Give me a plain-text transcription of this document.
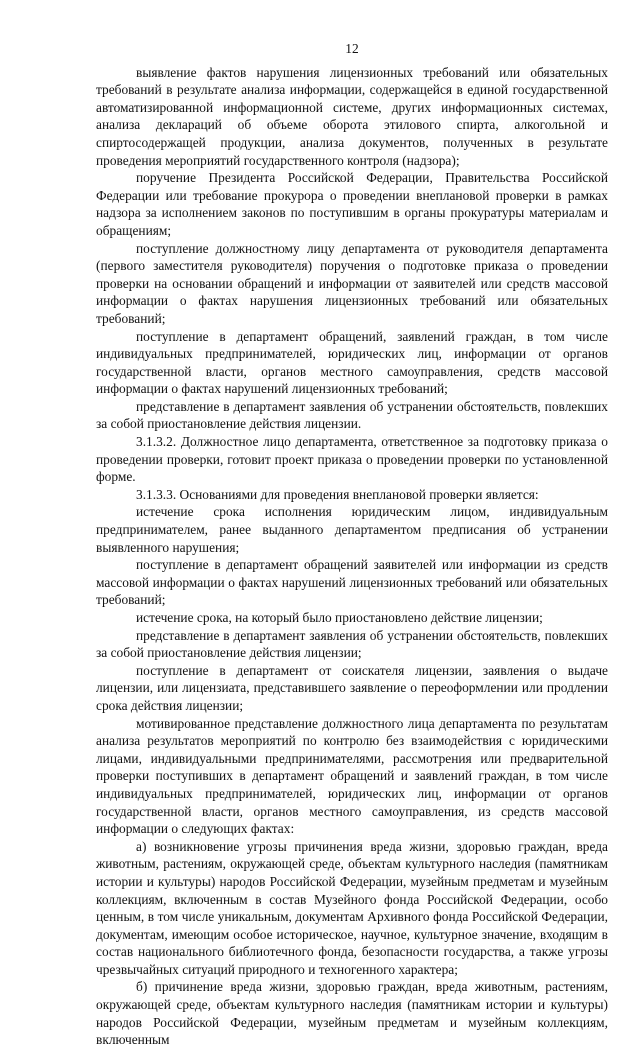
12

выявление фактов нарушения лицензионных требований или обязательных требований в результате анализа информации, содержащейся в единой государственной автоматизированной информационной системе, других информационных системах, анализа деклараций об объеме оборота этилового спирта, алкогольной и спиртосодержащей продукции, анализа документов, полученных в результате проведения мероприятий государственного контроля (надзора);

поручение Президента Российской Федерации, Правительства Российской Федерации или требование прокурора о проведении внеплановой проверки в рамках надзора за исполнением законов по поступившим в органы прокуратуры материалам и обращениям;

поступление должностному лицу департамента от руководителя департамента (первого заместителя руководителя) поручения о подготовке приказа о проведении проверки на основании обращений и информации от заявителей или средств массовой информации о фактах нарушения лицензионных требований или обязательных требований;

поступление в департамент обращений, заявлений граждан, в том числе индивидуальных предпринимателей, юридических лиц, информации от органов государственной власти, органов местного самоуправления, средств массовой информации о фактах нарушений лицензионных требований;

представление в департамент заявления об устранении обстоятельств, повлекших за собой приостановление действия лицензии.

3.1.3.2. Должностное лицо департамента, ответственное за подготовку приказа о проведении проверки, готовит проект приказа о проведении проверки по установленной форме.

3.1.3.3. Основаниями для проведения внеплановой проверки является:

истечение срока исполнения юридическим лицом, индивидуальным предпринимателем, ранее выданного департаментом предписания об устранении выявленного нарушения;

поступление в департамент обращений заявителей или информации из средств массовой информации о фактах нарушений лицензионных требований или обязательных требований;

истечение срока, на который было приостановлено действие лицензии;

представление в департамент заявления об устранении обстоятельств, повлекших за собой приостановление действия лицензии;

поступление в департамент от соискателя лицензии, заявления о выдаче лицензии, или лицензиата, представившего заявление о переоформлении или продлении срока действия лицензии;

мотивированное представление должностного лица департамента по результатам анализа результатов мероприятий по контролю без взаимодействия с юридическими лицами, индивидуальными предпринимателями, рассмотрения или предварительной проверки поступивших в департамент обращений и заявлений граждан, в том числе индивидуальных предпринимателей, юридических лиц, информации от органов государственной власти, органов местного самоуправления, из средств массовой информации о следующих фактах:

а) возникновение угрозы причинения вреда жизни, здоровью граждан, вреда животным, растениям, окружающей среде, объектам культурного наследия (памятникам истории и культуры) народов Российской Федерации, музейным предметам и музейным коллекциям, включенным в состав Музейного фонда Российской Федерации, особо ценным, в том числе уникальным, документам Архивного фонда Российской Федерации, документам, имеющим особое историческое, научное, культурное значение, входящим в состав национального библиотечного фонда, безопасности государства, а также угрозы чрезвычайных ситуаций природного и техногенного характера;

б) причинение вреда жизни, здоровью граждан, вреда животным, растениям, окружающей среде, объектам культурного наследия (памятникам истории и культуры) народов Российской Федерации, музейным предметам и музейным коллекциям, включенным
